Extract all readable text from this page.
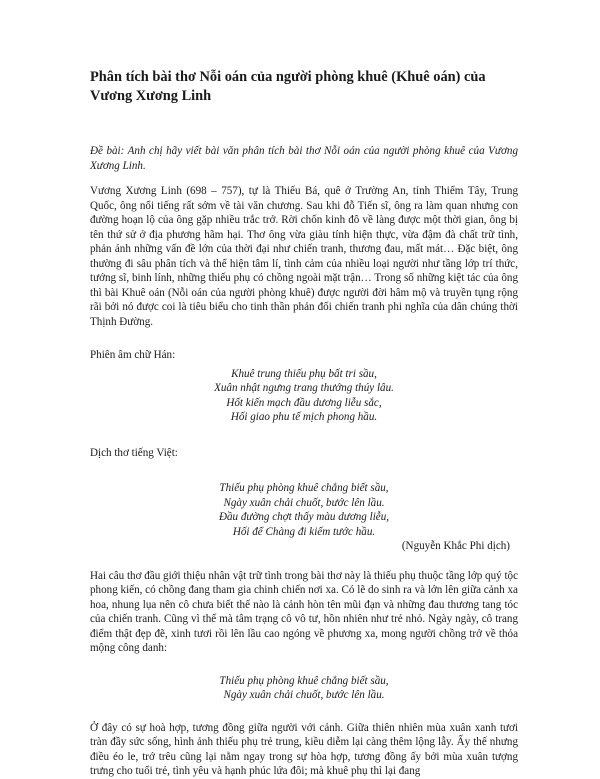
Phân tích bài thơ Nỗi oán của người phòng khuê (Khuê oán) của Vương Xương Linh

Đề bài: Anh chị hãy viết bài văn phân tích bài thơ Nỗi oán của người phòng khuê của Vương Xương Linh.

Vương Xương Linh (698 – 757), tự là Thiếu Bá, quê ở Trường An, tỉnh Thiểm Tây, Trung Quốc, ông nổi tiếng rất sớm về tài văn chương. Sau khi đỗ Tiến sĩ, ông ra làm quan nhưng con đường hoạn lộ của ông gặp nhiều trắc trở. Rời chốn kinh đô về làng được một thời gian, ông bị tên thứ sử ở địa phương hãm hại. Thơ ông vừa giàu tính hiện thực, vừa đậm đà chất trữ tình, phản ánh những vấn đề lớn của thời đại như chiến tranh, thương đau, mất mát… Đặc biệt, ông thường đi sâu phân tích và thể hiện tâm lí, tình cảm của nhiều loại người như tầng lớp trí thức, tướng sĩ, binh lính, những thiếu phụ có chồng ngoài mặt trận… Trong số những kiệt tác của ông thì bài Khuê oán (Nỗi oán của người phòng khuê) được người đời hâm mộ và truyền tụng rộng rãi bởi nó được coi là tiêu biểu cho tinh thần phản đối chiến tranh phi nghĩa của dân chúng thời Thịnh Đường.

Phiên âm chữ Hán:

Khuê trung thiếu phụ bất tri sầu,
Xuân nhật ngưng trang thướng thúy lâu.
Hốt kiến mạch đầu dương liễu sắc,
Hối giao phu tế mịch phong hầu.

Dịch thơ tiếng Việt:

Thiếu phụ phòng khuê chẳng biết sầu,
Ngày xuân chải chuốt, bước lên lầu.
Đầu đường chợt thấy màu dương liễu,
Hối để Chàng đi kiếm tước hầu.

(Nguyễn Khắc Phi dịch)

Hai câu thơ đầu giới thiệu nhân vật trữ tình trong bài thơ này là thiếu phụ thuộc tầng lớp quý tộc phong kiến, có chồng đang tham gia chinh chiến nơi xa. Có lẽ do sinh ra và lớn lên giữa cảnh xa hoa, nhung lụa nên cô chưa biết thế nào là cảnh hòn tên mũi đạn và những đau thương tang tóc của chiến tranh. Cũng vì thế mà tâm trạng cô vô tư, hồn nhiên như trẻ nhỏ. Ngày ngày, cô trang điểm thật đẹp đẽ, xinh tươi rồi lên lầu cao ngóng về phương xa, mong người chồng trở về thỏa mộng công danh:

Thiếu phụ phòng khuê chẳng biết sầu,
Ngày xuân chải chuốt, bước lên lầu.

Ở đây có sự hoà hợp, tương đồng giữa người với cảnh. Giữa thiên nhiên mùa xuân xanh tươi tràn đầy sức sống, hình ảnh thiếu phụ trẻ trung, kiều diễm lại càng thêm lộng lẫy. Ấy thế nhưng điều éo le, trớ trêu cũng lại nằm ngay trong sự hòa hợp, tương đồng ấy bởi mùa xuân tượng trưng cho tuổi trẻ, tình yêu và hạnh phúc lứa đôi; mà khuê phụ thì lại đang
